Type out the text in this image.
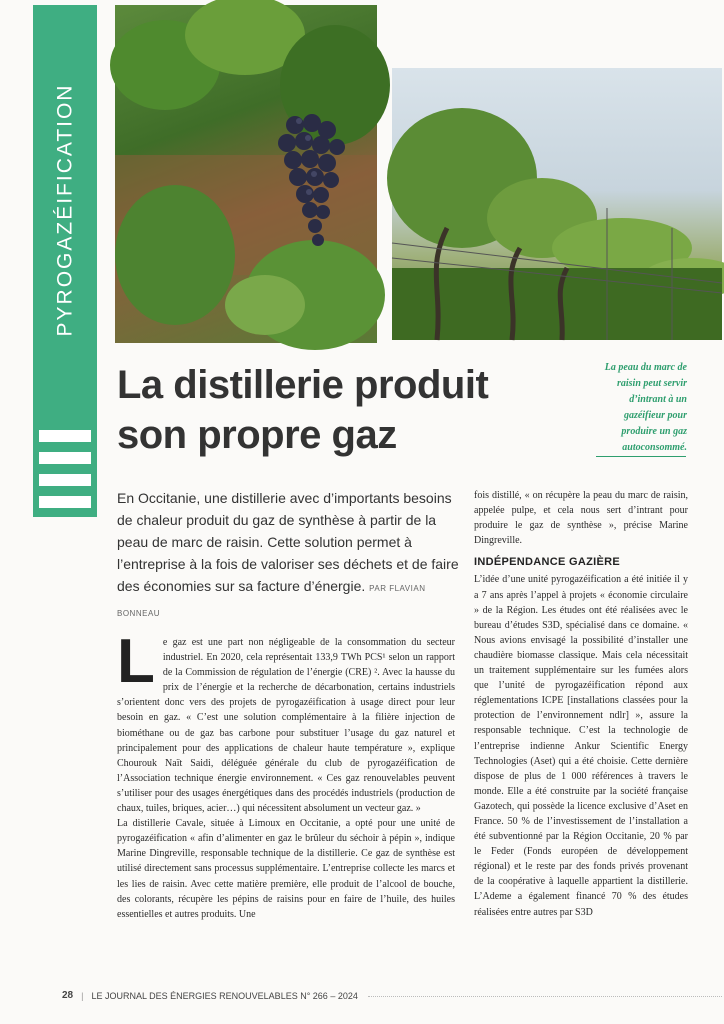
PYROGAZÉIFICATION
La distillerie produit son propre gaz
La peau du marc de raisin peut servir d’intrant à un gazéifieur pour produire un gaz autoconsommé.
En Occitanie, une distillerie avec d’importants besoins de chaleur produit du gaz de synthèse à partir de la peau de marc de raisin. Cette solution permet à l’entreprise à la fois de valoriser ses déchets et de faire des économies sur sa facture d’énergie. PAR FLAVIAN BONNEAU
L e gaz est une part non négligeable de la consommation du secteur industriel. En 2020, cela représentait 133,9 TWh PCS¹ selon un rapport de la Commission de régulation de l’énergie (CRE) ². Avec la hausse du prix de l’énergie et la recherche de décarbonation, certains industriels s’orientent donc vers des projets de pyrogazéification à usage direct pour leur besoin en gaz. « C’est une solution complémentaire à la filière injection de biométhane ou de gaz bas carbone pour substituer l’usage du gaz naturel et principalement pour des applications de chaleur haute température », explique Chourouk Naït Saidi, déléguée générale du club de pyrogazéification de l’Association technique énergie environnement. « Ces gaz renouvelables peuvent s’utiliser pour des usages énergétiques dans des procédés industriels (production de chaux, tuiles, briques, acier…) qui nécessitent absolument un vecteur gaz. »

La distillerie Cavale, située à Limoux en Occitanie, a opté pour une unité de pyrogazéification « afin d’alimenter en gaz le brûleur du séchoir à pépin », indique Marine Dingreville, responsable technique de la distillerie. Ce gaz de synthèse est utilisé directement sans processus supplémentaire. L’entreprise collecte les marcs et les lies de raisin. Avec cette matière première, elle produit de l’alcool de bouche, des colorants, récupère les pépins de raisins pour en faire de l’huile, des huiles essentielles et autres produits. Une

fois distillé, « on récupère la peau du marc de raisin, appelée pulpe, et cela nous sert d’intrant pour produire le gaz de synthèse », précise Marine Dingreville.

INDÉPENDANCE GAZIÈRE

L’idée d’une unité pyrogazéification a été initiée il y a 7 ans après l’appel à projets « économie circulaire » de la Région. Les études ont été réalisées avec le bureau d’études S3D, spécialisé dans ce domaine. « Nous avions envisagé la possibilité d’installer une chaudière biomasse classique. Mais cela nécessitait un traitement supplémentaire sur les fumées alors que l’unité de pyrogazéification répond aux réglementations ICPE [installations classées pour la protection de l’environnement ndlr] », assure la responsable technique. C’est la technologie de l’entreprise indienne Ankur Scientific Energy Technologies (Aset) qui a été choisie. Cette dernière dispose de plus de 1 000 références à travers le monde. Elle a été construite par la société française Gazotech, qui possède la licence exclusive d’Aset en France. 50 % de l’investissement de l’installation a été subventionné par la Région Occitanie, 20 % par le Feder (Fonds européen de développement régional) et le reste par des fonds privés provenant de la coopérative à laquelle appartient la distillerie. L’Ademe a également financé 70 % des études réalisées entre autres par S3D

28 | LE JOURNAL DES ÉNERGIES RENOUVELABLES N° 266 – 2024
